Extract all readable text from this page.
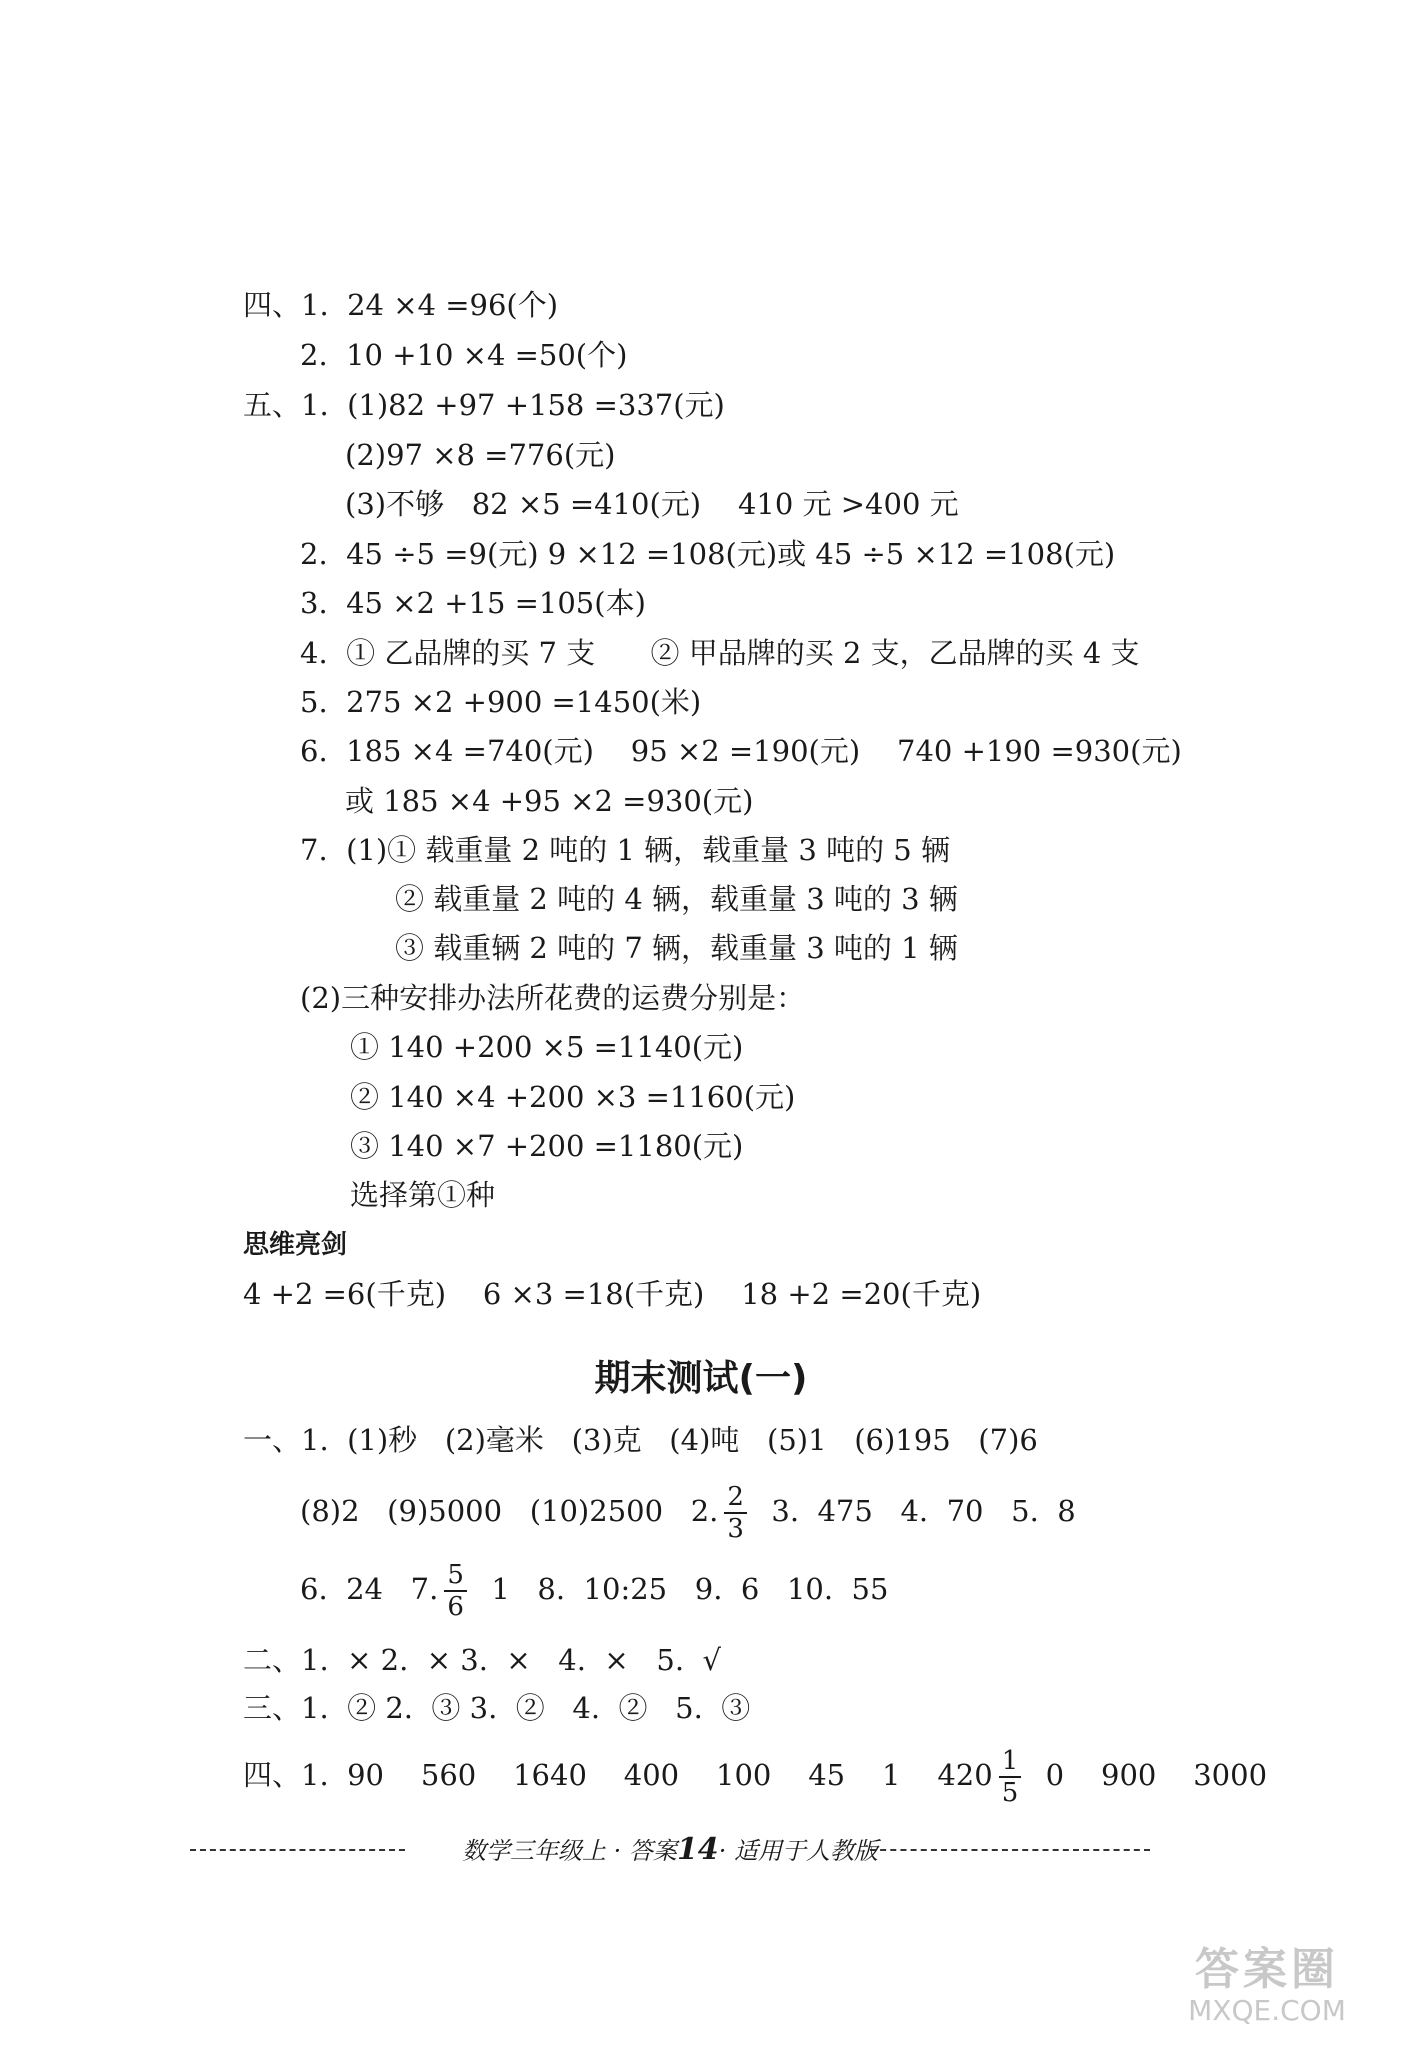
四、1.  24 ×4 =96(个)
2.  10 +10 ×4 =50(个)
五、1.  (1)82 +97 +158 =337(元)
(2)97 ×8 =776(元)
(3)不够   82 ×5 =410(元)    410 元 >400 元
2.  45 ÷5 =9(元) 9 ×12 =108(元)或 45 ÷5 ×12 =108(元)
3.  45 ×2 +15 =105(本)
4.  ① 乙品牌的买 7 支      ② 甲品牌的买 2 支，乙品牌的买 4 支
5.  275 ×2 +900 =1450(米)
6.  185 ×4 =740(元)    95 ×2 =190(元)    740 +190 =930(元)
或 185 ×4 +95 ×2 =930(元)
7.  (1)① 载重量 2 吨的 1 辆，载重量 3 吨的 5 辆
② 载重量 2 吨的 4 辆，载重量 3 吨的 3 辆
③ 载重辆 2 吨的 7 辆，载重量 3 吨的 1 辆
(2)三种安排办法所花费的运费分别是：
① 140 +200 ×5 =1140(元)
② 140 ×4 +200 ×3 =1160(元)
③ 140 ×7 +200 =1180(元)
选择第①种
思维亮剑
4 +2 =6(千克)    6 ×3 =18(千克)    18 +2 =20(千克)
期末测试(一)
一、1.  (1)秒   (2)毫米   (3)克   (4)吨   (5)1   (6)195   (7)6
(8)2   (9)5000   (10)2500   2. $\frac{2}{3} 3$.  475   4.  70   5.  8
6.  24   7. $\frac{5}{6} 1$   8.  10:25   9.  6   10.  55
二、1.  × 2.  × 3.  ×   4.  ×   5.  √
三、1.  ② 2.  ③ 3.  ②   4.  ②   5.  ③
四、1.  90    560    1640    400    100    45    1    $420 \frac{1}{5} 0$    900    3000
数学三年级上 · 答案14· 适用于人教版
答案圈
MXQE.COM
